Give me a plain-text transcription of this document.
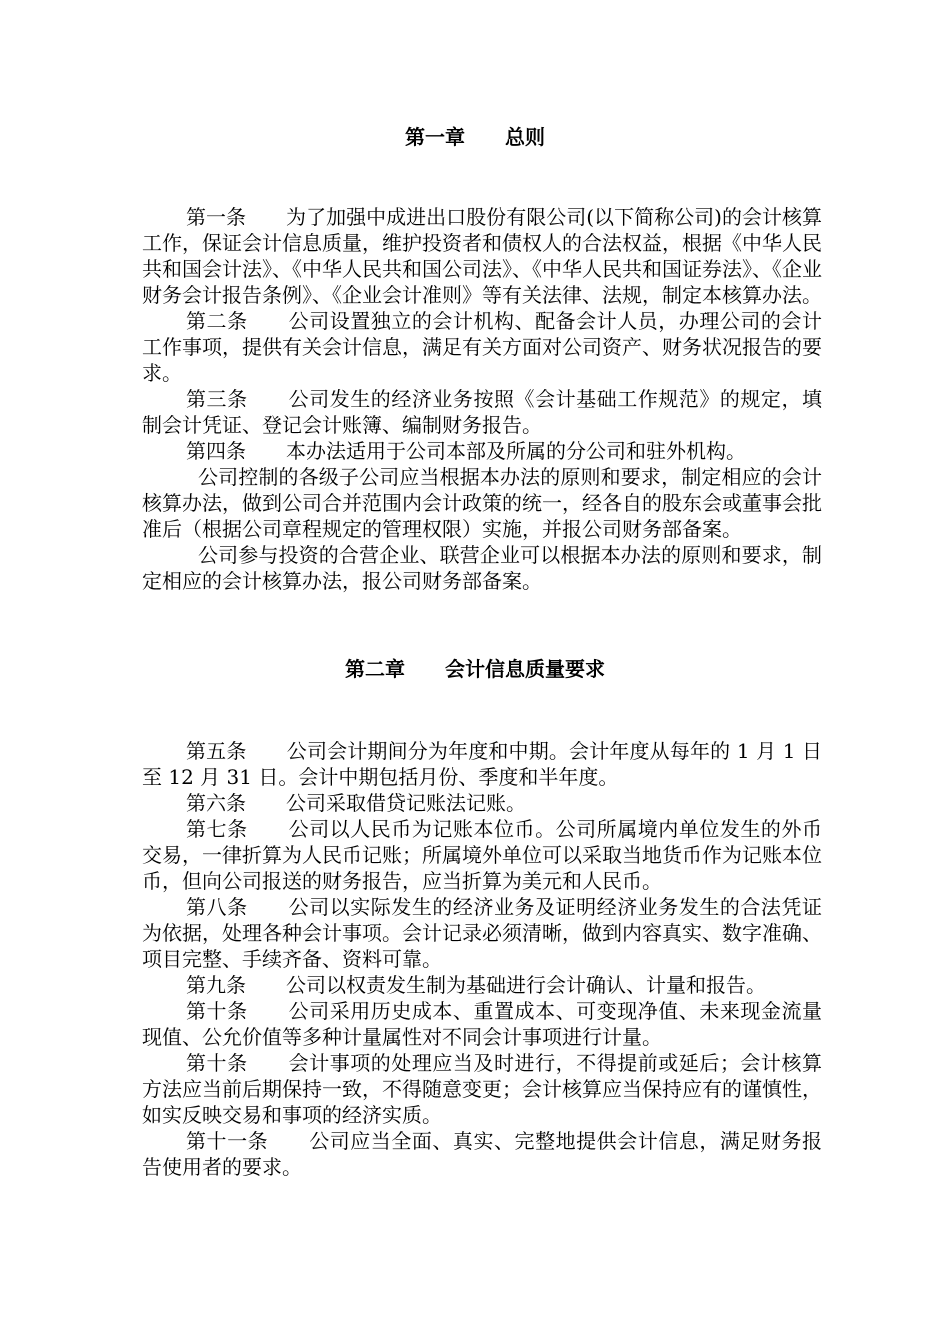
第一章　　总则

第一条　　为了加强中成进出口股份有限公司(以下简称公司)的会计核算工作，保证会计信息质量，维护投资者和债权人的合法权益，根据《中华人民共和国会计法》、《中华人民共和国公司法》、《中华人民共和国证券法》、《企业财务会计报告条例》、《企业会计准则》等有关法律、法规，制定本核算办法。

第二条　　公司设置独立的会计机构、配备会计人员，办理公司的会计工作事项，提供有关会计信息，满足有关方面对公司资产、财务状况报告的要求。

第三条　　公司发生的经济业务按照《会计基础工作规范》的规定，填制会计凭证、登记会计账簿、编制财务报告。

第四条　　本办法适用于公司本部及所属的分公司和驻外机构。

公司控制的各级子公司应当根据本办法的原则和要求，制定相应的会计核算办法，做到公司合并范围内会计政策的统一，经各自的股东会或董事会批准后（根据公司章程规定的管理权限）实施，并报公司财务部备案。

公司参与投资的合营企业、联营企业可以根据本办法的原则和要求，制定相应的会计核算办法，报公司财务部备案。

第二章　　会计信息质量要求

第五条　　公司会计期间分为年度和中期。会计年度从每年的 1 月 1 日至 12 月 31 日。会计中期包括月份、季度和半年度。

第六条　　公司采取借贷记账法记账。

第七条　　公司以人民币为记账本位币。公司所属境内单位发生的外币交易，一律折算为人民币记账；所属境外单位可以采取当地货币作为记账本位币，但向公司报送的财务报告，应当折算为美元和人民币。

第八条　　公司以实际发生的经济业务及证明经济业务发生的合法凭证为依据，处理各种会计事项。会计记录必须清晰，做到内容真实、数字准确、项目完整、手续齐备、资料可靠。

第九条　　公司以权责发生制为基础进行会计确认、计量和报告。

第十条　　公司采用历史成本、重置成本、可变现净值、未来现金流量现值、公允价值等多种计量属性对不同会计事项进行计量。

第十条　　会计事项的处理应当及时进行，不得提前或延后；会计核算方法应当前后期保持一致，不得随意变更；会计核算应当保持应有的谨慎性，如实反映交易和事项的经济实质。

第十一条　　公司应当全面、真实、完整地提供会计信息，满足财务报告使用者的要求。
